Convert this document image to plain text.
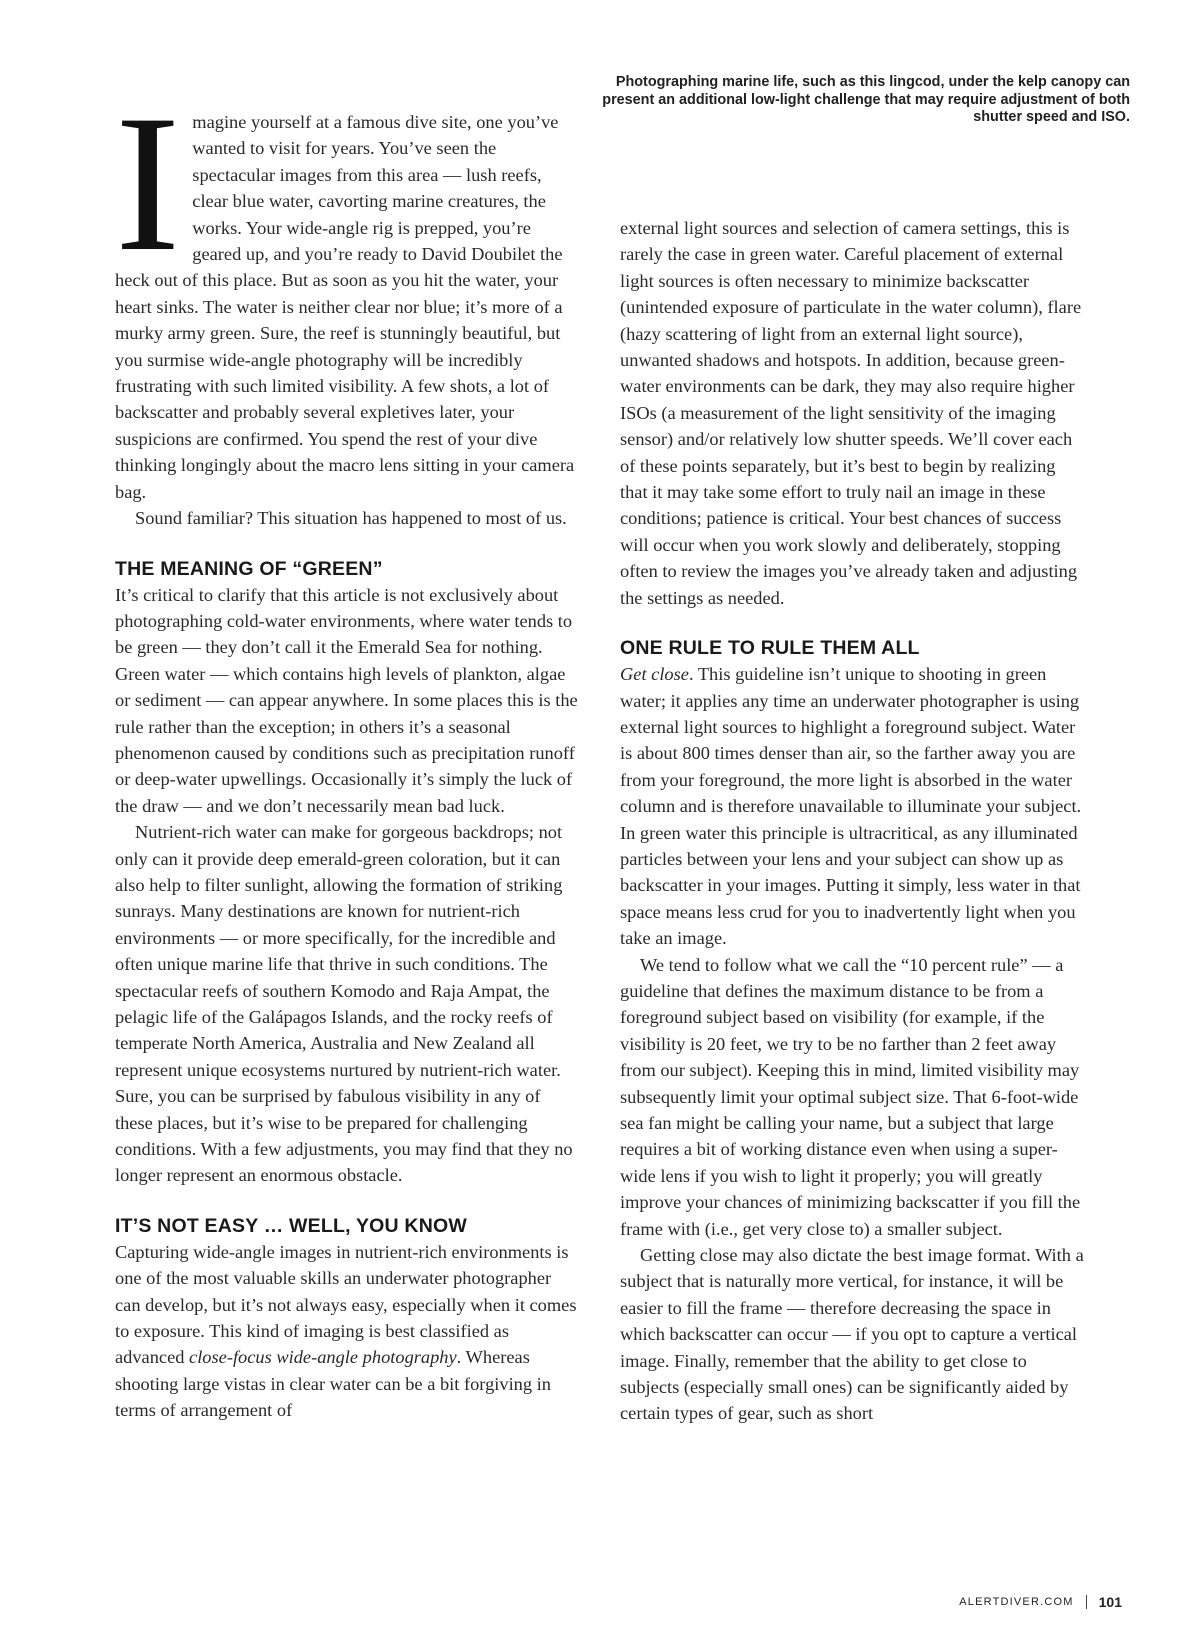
Photographing marine life, such as this lingcod, under the kelp canopy can present an additional low-light challenge that may require adjustment of both shutter speed and ISO.
I magine yourself at a famous dive site, one you’ve wanted to visit for years. You’ve seen the spectacular images from this area — lush reefs, clear blue water, cavorting marine creatures, the works. Your wide-angle rig is prepped, you’re geared up, and you’re ready to David Doubilet the heck out of this place. But as soon as you hit the water, your heart sinks. The water is neither clear nor blue; it’s more of a murky army green. Sure, the reef is stunningly beautiful, but you surmise wide-angle photography will be incredibly frustrating with such limited visibility. A few shots, a lot of backscatter and probably several expletives later, your suspicions are confirmed. You spend the rest of your dive thinking longingly about the macro lens sitting in your camera bag.

Sound familiar? This situation has happened to most of us.

THE MEANING OF “GREEN”

It’s critical to clarify that this article is not exclusively about photographing cold-water environments, where water tends to be green — they don’t call it the Emerald Sea for nothing. Green water — which contains high levels of plankton, algae or sediment — can appear anywhere. In some places this is the rule rather than the exception; in others it’s a seasonal phenomenon caused by conditions such as precipitation runoff or deep-water upwellings. Occasionally it’s simply the luck of the draw — and we don’t necessarily mean bad luck.

Nutrient-rich water can make for gorgeous backdrops; not only can it provide deep emerald-green coloration, but it can also help to filter sunlight, allowing the formation of striking sunrays. Many destinations are known for nutrient-rich environments — or more specifically, for the incredible and often unique marine life that thrive in such conditions. The spectacular reefs of southern Komodo and Raja Ampat, the pelagic life of the Galápagos Islands, and the rocky reefs of temperate North America, Australia and New Zealand all represent unique ecosystems nurtured by nutrient-rich water. Sure, you can be surprised by fabulous visibility in any of these places, but it’s wise to be prepared for challenging conditions. With a few adjustments, you may find that they no longer represent an enormous obstacle.

IT’S NOT EASY … WELL, YOU KNOW

Capturing wide-angle images in nutrient-rich environments is one of the most valuable skills an underwater photographer can develop, but it’s not always easy, especially when it comes to exposure. This kind of imaging is best classified as advanced close-focus wide-angle photography. Whereas shooting large vistas in clear water can be a bit forgiving in terms of arrangement of

external light sources and selection of camera settings, this is rarely the case in green water. Careful placement of external light sources is often necessary to minimize backscatter (unintended exposure of particulate in the water column), flare (hazy scattering of light from an external light source), unwanted shadows and hotspots. In addition, because green-water environments can be dark, they may also require higher ISOs (a measurement of the light sensitivity of the imaging sensor) and/or relatively low shutter speeds. We’ll cover each of these points separately, but it’s best to begin by realizing that it may take some effort to truly nail an image in these conditions; patience is critical. Your best chances of success will occur when you work slowly and deliberately, stopping often to review the images you’ve already taken and adjusting the settings as needed.

ONE RULE TO RULE THEM ALL

Get close. This guideline isn’t unique to shooting in green water; it applies any time an underwater photographer is using external light sources to highlight a foreground subject. Water is about 800 times denser than air, so the farther away you are from your foreground, the more light is absorbed in the water column and is therefore unavailable to illuminate your subject. In green water this principle is ultracritical, as any illuminated particles between your lens and your subject can show up as backscatter in your images. Putting it simply, less water in that space means less crud for you to inadvertently light when you take an image.

We tend to follow what we call the “10 percent rule” — a guideline that defines the maximum distance to be from a foreground subject based on visibility (for example, if the visibility is 20 feet, we try to be no farther than 2 feet away from our subject). Keeping this in mind, limited visibility may subsequently limit your optimal subject size. That 6-foot-wide sea fan might be calling your name, but a subject that large requires a bit of working distance even when using a super-wide lens if you wish to light it properly; you will greatly improve your chances of minimizing backscatter if you fill the frame with (i.e., get very close to) a smaller subject.

Getting close may also dictate the best image format. With a subject that is naturally more vertical, for instance, it will be easier to fill the frame — therefore decreasing the space in which backscatter can occur — if you opt to capture a vertical image. Finally, remember that the ability to get close to subjects (especially small ones) can be significantly aided by certain types of gear, such as short

ALERTDIVER.COM 101
